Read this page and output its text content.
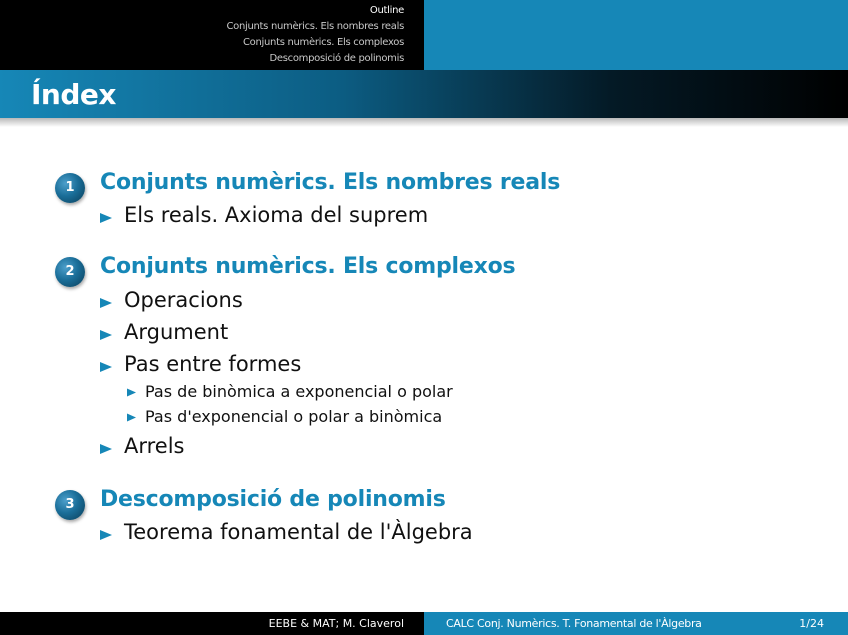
Outline
Conjunts numèrics. Els nombres reals
Conjunts numèrics. Els complexos
Descomposició de polinomis
Índex
1	Conjunts numèrics. Els nombres reals
Els reals. Axioma del suprem
2	Conjunts numèrics. Els complexos
Operacions
Argument
Pas entre formes
Pas de binòmica a exponencial o polar
Pas d'exponencial o polar a binòmica
Arrels
3	Descomposició de polinomis
Teorema fonamental de l'Àlgebra
EEBE & MAT; M. Claverol	CALC Conj. Numèrics. T. Fonamental de l'Àlgebra	1/24
